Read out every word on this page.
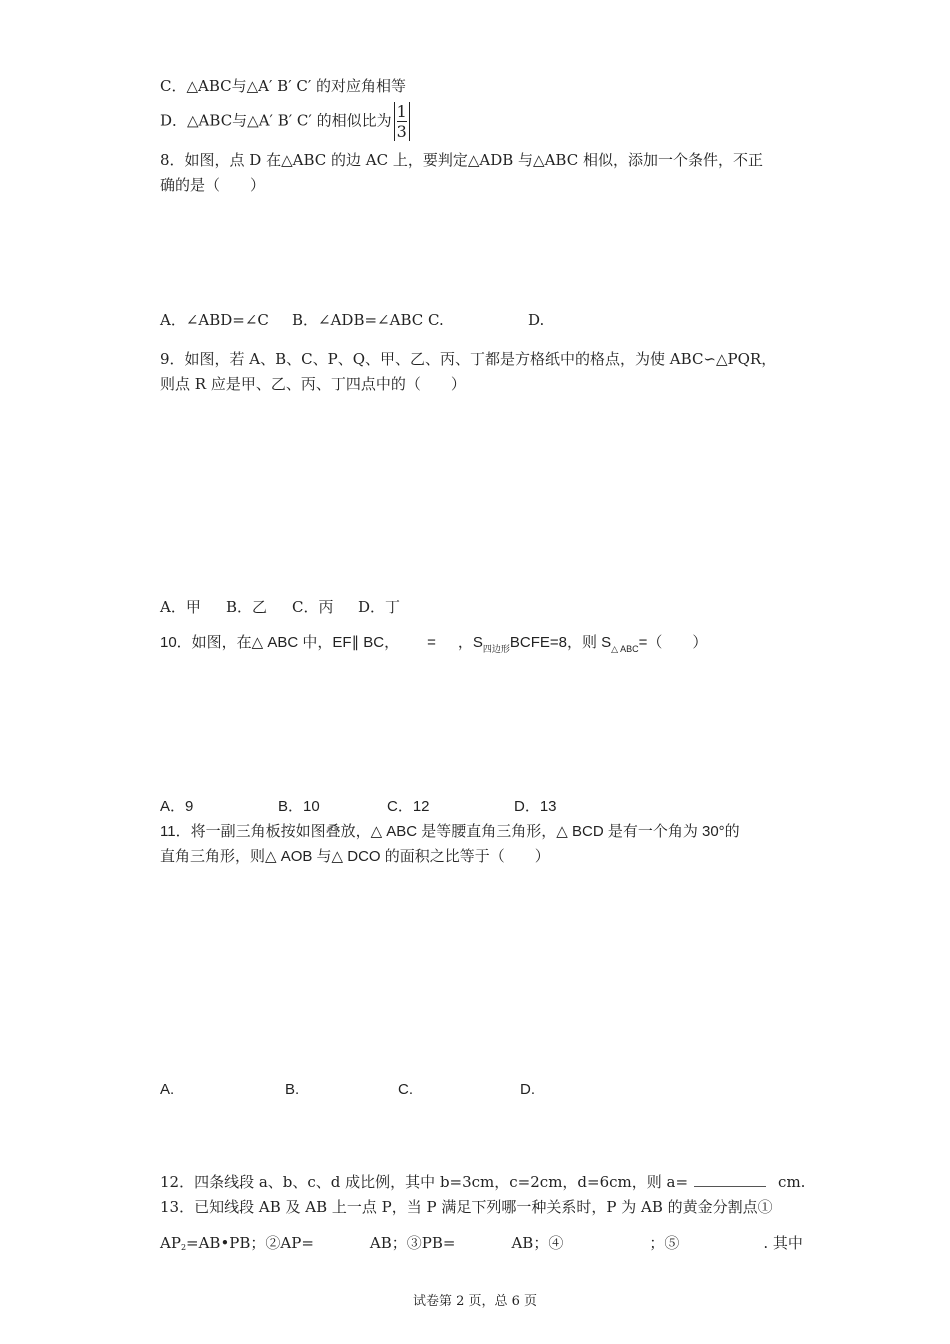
C．△ABC与△A′ B′ C′ 的对应角相等
D．△ABC与△A′ B′ C′ 的相似比为 $\frac{1}{3}$
8．如图，点 D 在△ABC 的边 AC 上，要判定△ADB 与△ABC 相似，添加一个条件，不正
确的是（　　）
A．∠ABD=∠C B．∠ADB=∠ABC C.	D.
9．如图，若 A、B、C、P、Q、甲、乙、丙、丁都是方格纸中的格点，为使 ABC∽△PQR，
则点 R 应是甲、乙、丙、丁四点中的（　　）
A．甲 B．乙 C．丙 D．丁
10．如图，在△ ABC 中，EF∥ BC， = ，$S_{四边形}BCFE=8$，则 $S_{\triangle ABC}=$（　　）
A．9	B．10	C．12	D．13
11．将一副三角板按如图叠放，△ ABC 是等腰直角三角形，△ BCD 是有一个角为 30°的
直角三角形，则△ AOB 与△ DCO 的面积之比等于（　　）
A.	B.	C.	D.
12．四条线段 a、b、c、d 成比例，其中 b=3cm，c=2cm，d=6cm，则 a=	cm.
13．已知线段 AB 及 AB 上一点 P，当 P 满足下列哪一种关系时，P 为 AB 的黄金分割点①
AP2=AB•PB；②AP=	AB；③PB=	AB；④	；⑤	. 其中
试卷第 2 页，总 6 页
